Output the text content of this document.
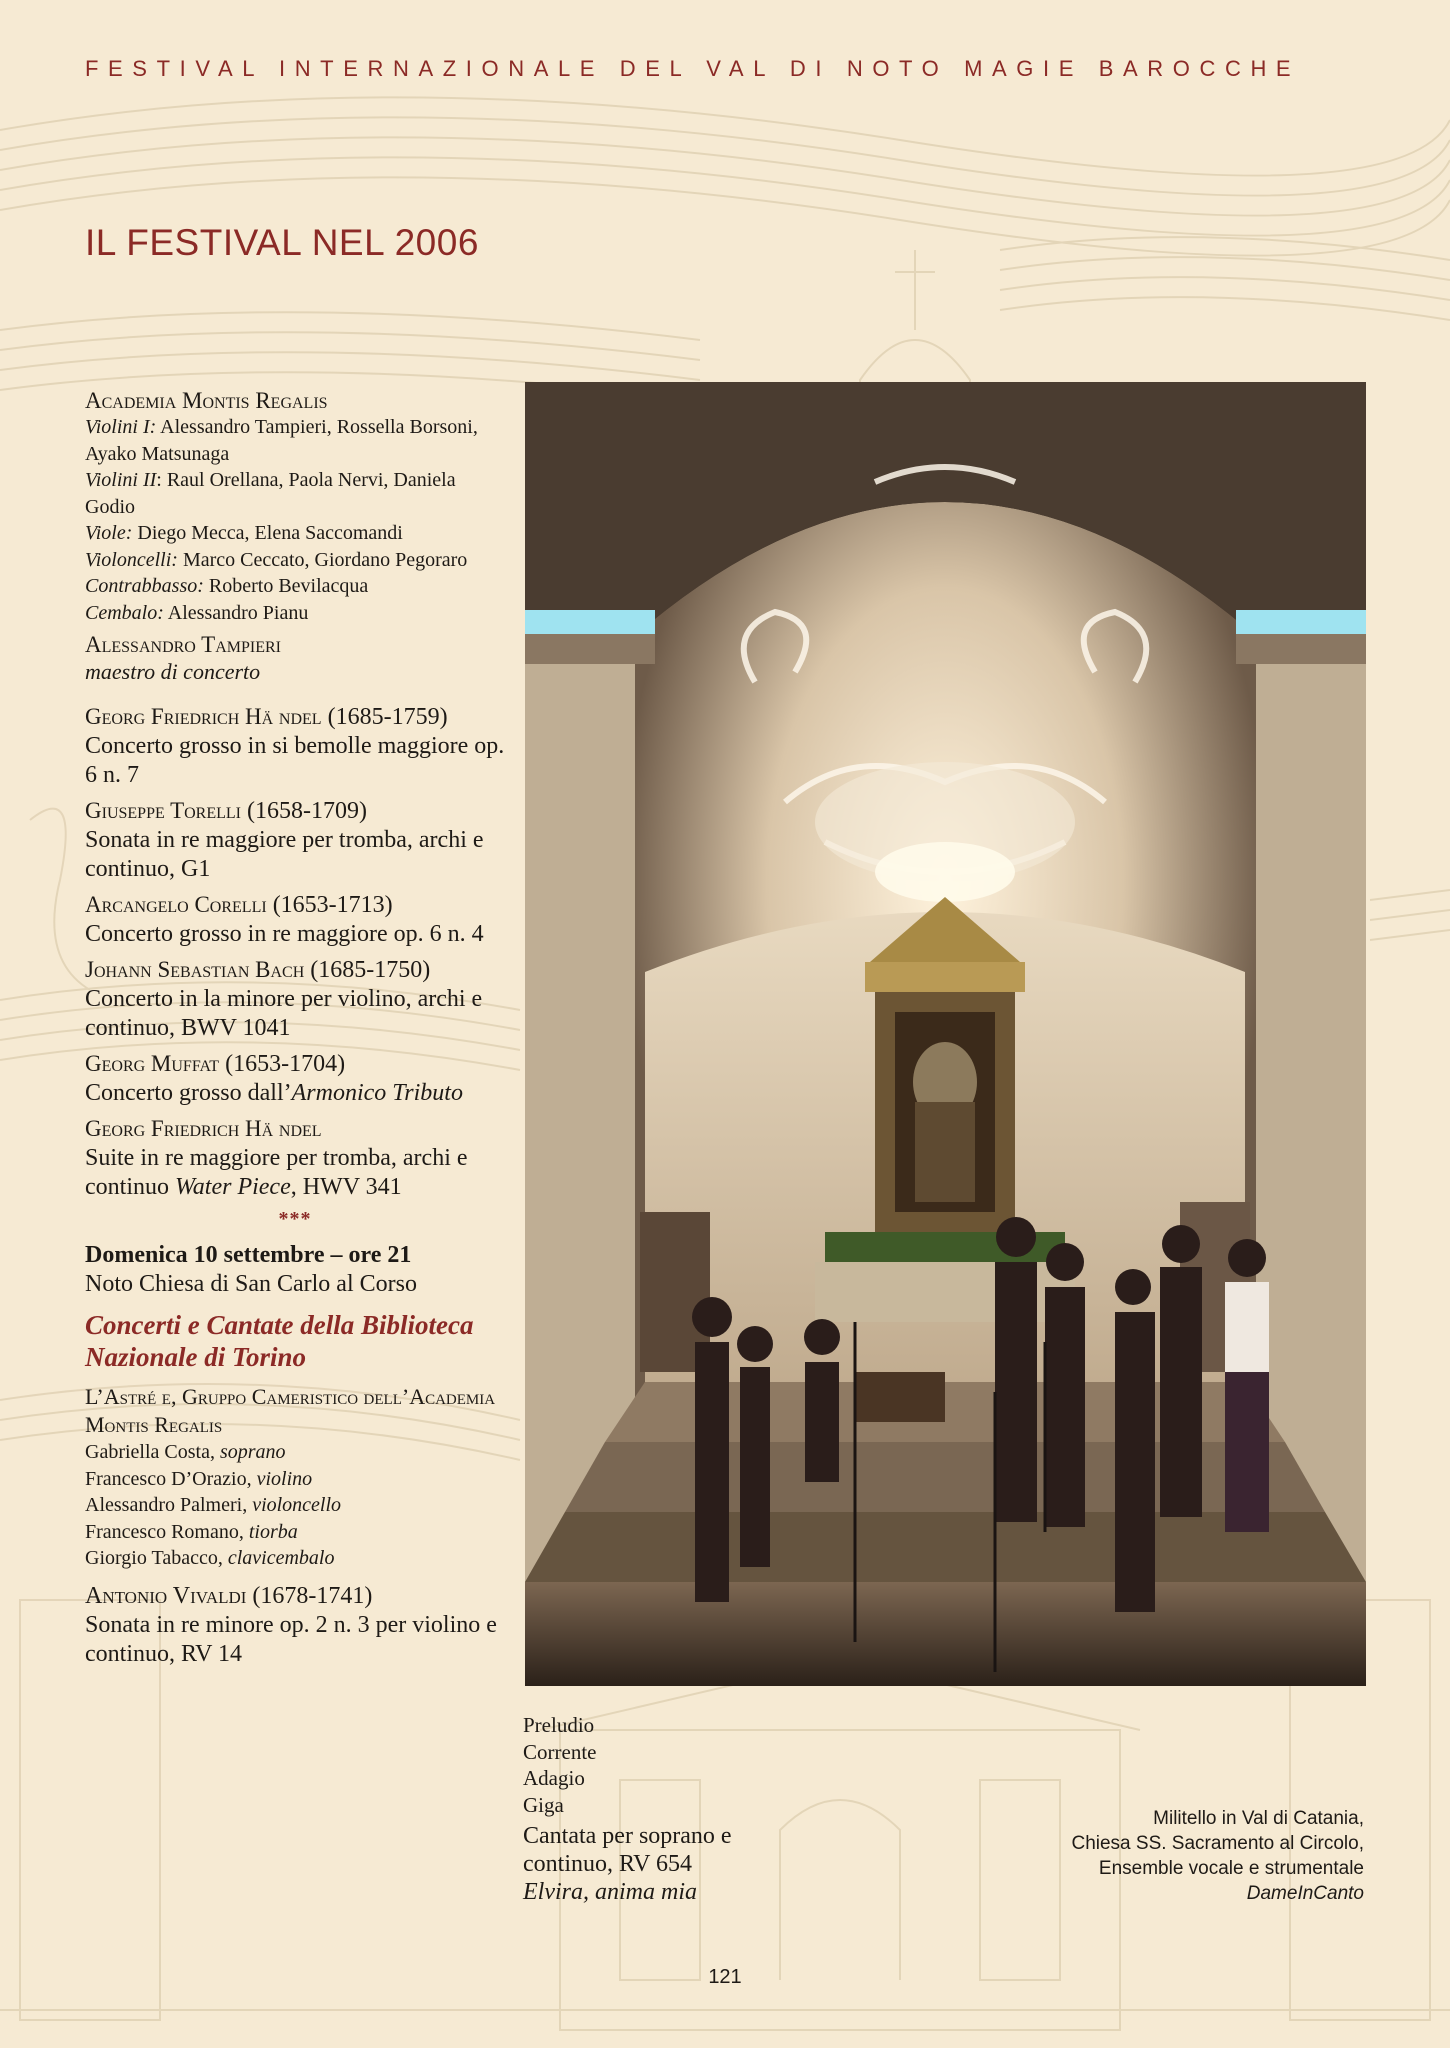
FESTIVAL INTERNAZIONALE DEL VAL DI NOTO MAGIE BAROCCHE
IL FESTIVAL NEL 2006
Academia Montis Regalis
Violini I: Alessandro Tampieri, Rossella Borsoni, Ayako Matsunaga
Violini II: Raul Orellana, Paola Nervi, Daniela Godio
Viole: Diego Mecca, Elena Saccomandi
Violoncelli: Marco Ceccato, Giordano Pegoraro
Contrabbasso: Roberto Bevilacqua
Cembalo: Alessandro Pianu
Alessandro Tampieri
maestro di concerto
Georg Friedrich Hä ndel (1685-1759)
Concerto grosso in si bemolle maggiore op. 6 n. 7
Giuseppe Torelli (1658-1709)
Sonata in re maggiore per tromba, archi e continuo, G1
Arcangelo Corelli (1653-1713)
Concerto grosso in re maggiore op. 6 n. 4
Johann Sebastian Bach (1685-1750)
Concerto in la minore per violino, archi e continuo, BWV 1041
Georg Muffat (1653-1704)
Concerto grosso dall’Armonico Tributo
Georg Friedrich Hä ndel
Suite in re maggiore per tromba, archi e continuo Water Piece, HWV 341
***
Domenica 10 settembre – ore 21
Noto Chiesa di San Carlo al Corso
Concerti e Cantate della Biblioteca Nazionale di Torino
L’Astré e, Gruppo Cameristico dell’Academia Montis Regalis
Gabriella Costa, soprano
Francesco D’Orazio, violino
Alessandro Palmeri, violoncello
Francesco Romano, tiorba
Giorgio Tabacco, clavicembalo
Antonio Vivaldi (1678-1741)
Sonata in re minore op. 2 n. 3 per violino e continuo, RV 14
Preludio
Corrente
Adagio
Giga
Cantata per soprano e continuo, RV 654
Elvira, anima mia
Militello in Val di Catania,
Chiesa SS. Sacramento al Circolo,
Ensemble vocale e strumentale
DameInCanto
121
